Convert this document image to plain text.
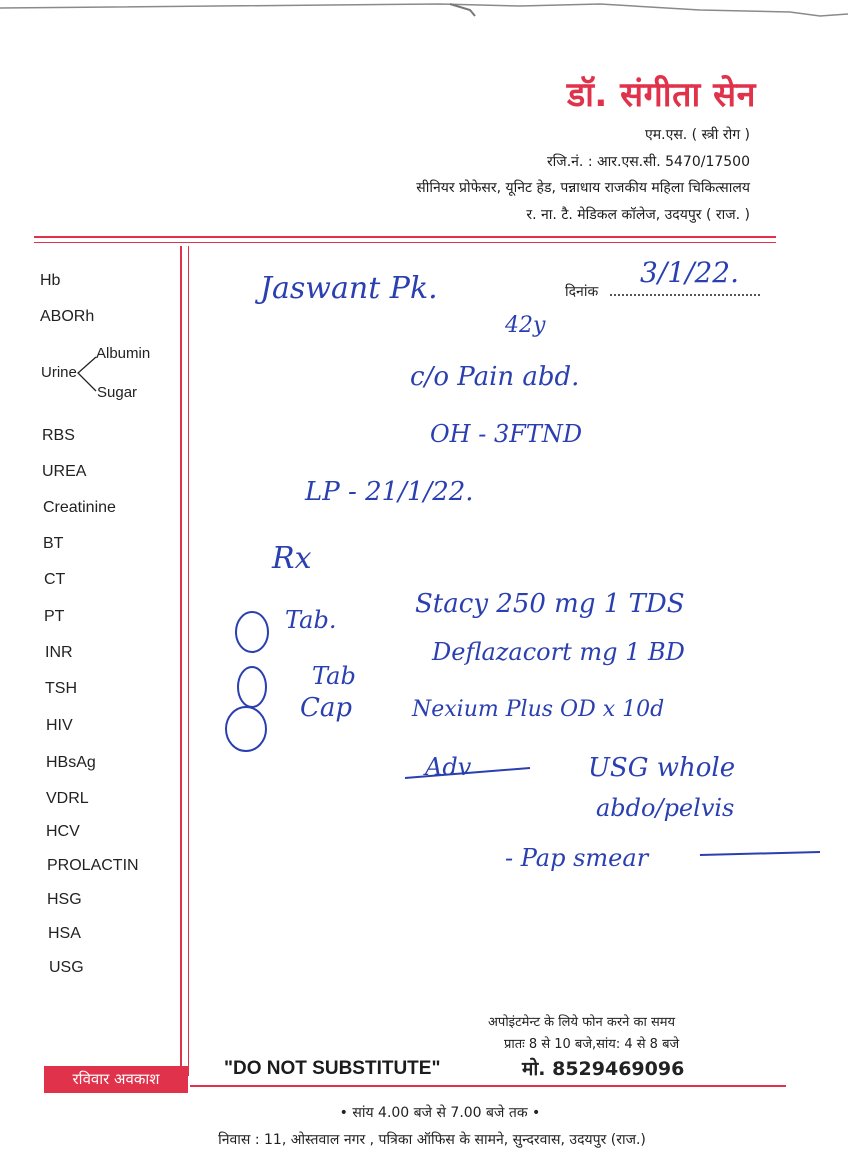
डॉ. संगीता सेन
एम.एस. ( स्त्री रोग )
रजि.नं. : आर.एस.सी. 5470/17500
सीनियर प्रोफेसर, यूनिट हेड, पन्नाधाय राजकीय महिला चिकित्सालय
र. ना. टै. मेडिकल कॉलेज, उदयपुर ( राज. )
Hb
ABORh
Urine
Albumin
Sugar
RBS
UREA
Creatinine
BT
CT
PT
INR
TSH
HIV
HBsAg
VDRL
HCV
PROLACTIN
HSG
HSA
USG
दिनांक
Jaswant Pk.	3/1/22.
42y
c/o Pain abd.
OH - 3FTND
LP - 21/1/22.
Rx
Tab.
Stacy 250 mg 1 TDS
Tab
Deflazacort mg 1 BD
Cap	Nexium Plus OD x 10d
Adv	USG whole
abdo/pelvis
- Pap smear
अपोइंटमेन्ट के लिये फोन करने का समय
प्रातः 8 से 10 बजे,सांय: 4 से 8 बजे
"DO NOT SUBSTITUTE"	मो. 8529469096
रविवार अवकाश
• सांय 4.00 बजे से 7.00 बजे तक •
निवास : 11, ओस्तवाल नगर , पत्रिका ऑफिस के सामने, सुन्दरवास, उदयपुर (राज.)
